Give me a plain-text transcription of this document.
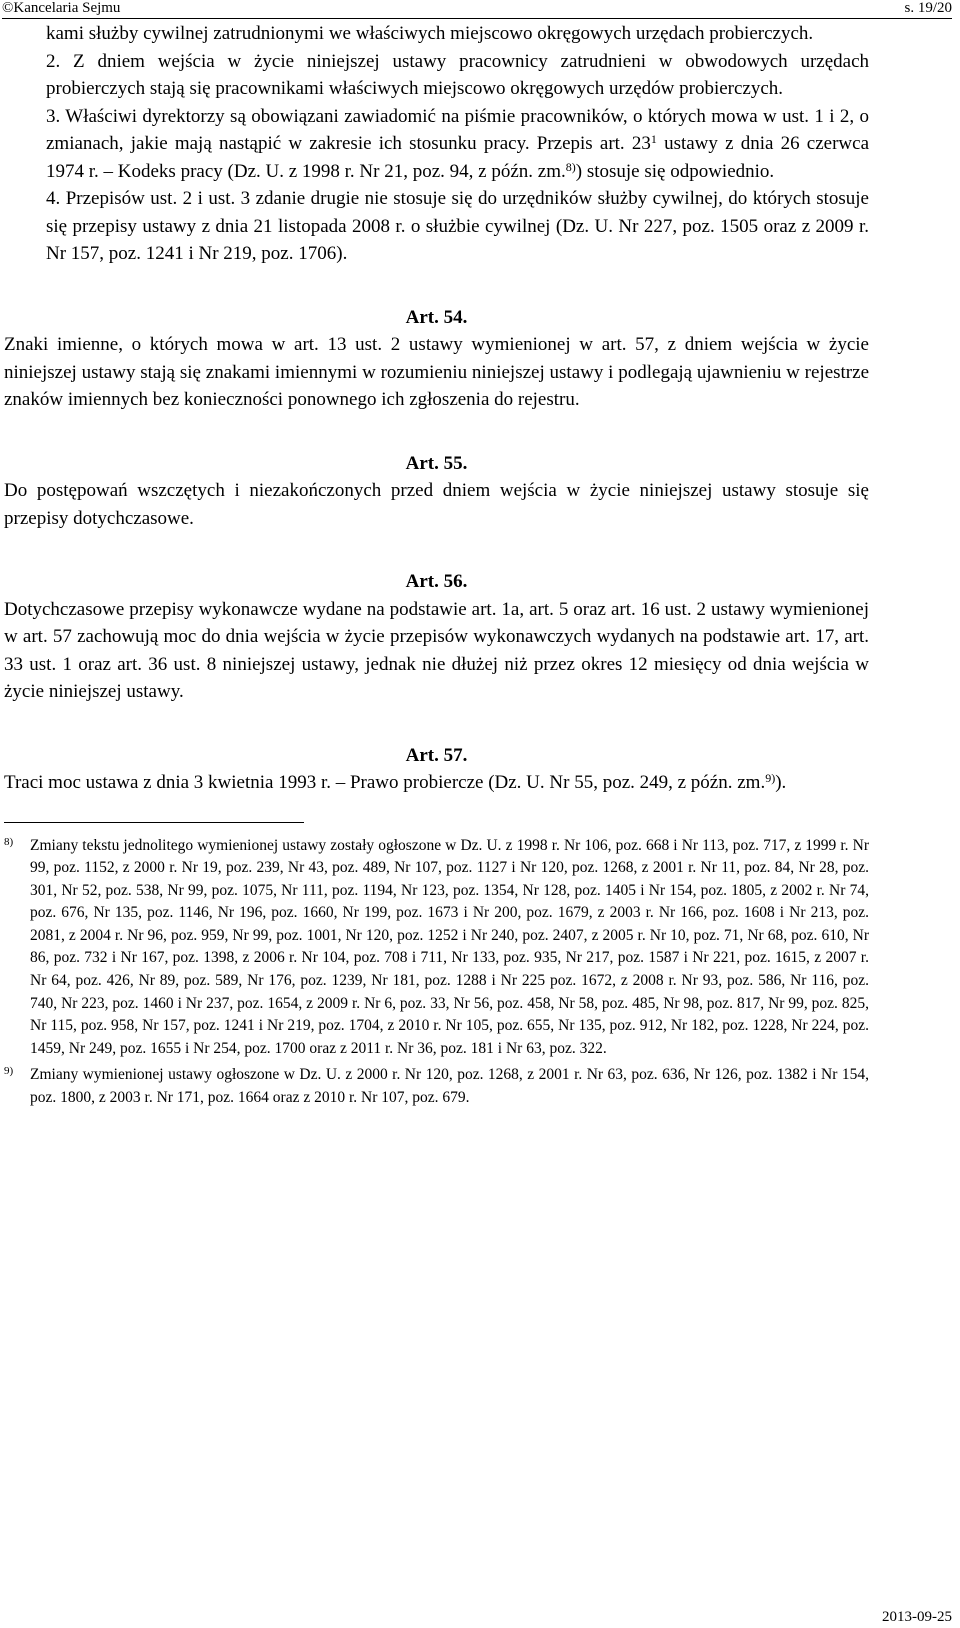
©Kancelaria Sejmu	s. 19/20

kami służby cywilnej zatrudnionymi we właściwych miejscowo okręgowych urzędach probierczych.

2. Z dniem wejścia w życie niniejszej ustawy pracownicy zatrudnieni w obwodowych urzędach probierczych stają się pracownikami właściwych miejscowo okręgowych urzędów probierczych.

3. Właściwi dyrektorzy są obowiązani zawiadomić na piśmie pracowników, o których mowa w ust. 1 i 2, o zmianach, jakie mają nastąpić w zakresie ich stosunku pracy. Przepis art. $23^1$ ustawy z dnia 26 czerwca 1974 r. – Kodeks pracy (Dz. U. z 1998 r. Nr 21, poz. 94, z późn. zm.$^{8)}$) stosuje się odpowiednio.

4. Przepisów ust. 2 i ust. 3 zdanie drugie nie stosuje się do urzędników służby cywilnej, do których stosuje się przepisy ustawy z dnia 21 listopada 2008 r. o służbie cywilnej (Dz. U. Nr 227, poz. 1505 oraz z 2009 r. Nr 157, poz. 1241 i Nr 219, poz. 1706).

Art. 54.

Znaki imienne, o których mowa w art. 13 ust. 2 ustawy wymienionej w art. 57, z dniem wejścia w życie niniejszej ustawy stają się znakami imiennymi w rozumieniu niniejszej ustawy i podlegają ujawnieniu w rejestrze znaków imiennych bez konieczności ponownego ich zgłoszenia do rejestru.

Art. 55.

Do postępowań wszczętych i niezakończonych przed dniem wejścia w życie niniejszej ustawy stosuje się przepisy dotychczasowe.

Art. 56.

Dotychczasowe przepisy wykonawcze wydane na podstawie art. 1a, art. 5 oraz art. 16 ust. 2 ustawy wymienionej w art. 57 zachowują moc do dnia wejścia w życie przepisów wykonawczych wydanych na podstawie art. 17, art. 33 ust. 1 oraz art. 36 ust. 8 niniejszej ustawy, jednak nie dłużej niż przez okres 12 miesięcy od dnia wejścia w życie niniejszej ustawy.

Art. 57.

Traci moc ustawa z dnia 3 kwietnia 1993 r. – Prawo probiercze (Dz. U. Nr 55, poz. 249, z późn. zm.$^{9)}$).

8) Zmiany tekstu jednolitego wymienionej ustawy zostały ogłoszone w Dz. U. z 1998 r. Nr 106, poz. 668 i Nr 113, poz. 717, z 1999 r. Nr 99, poz. 1152, z 2000 r. Nr 19, poz. 239, Nr 43, poz. 489, Nr 107, poz. 1127 i Nr 120, poz. 1268, z 2001 r. Nr 11, poz. 84, Nr 28, poz. 301, Nr 52, poz. 538, Nr 99, poz. 1075, Nr 111, poz. 1194, Nr 123, poz. 1354, Nr 128, poz. 1405 i Nr 154, poz. 1805, z 2002 r. Nr 74, poz. 676, Nr 135, poz. 1146, Nr 196, poz. 1660, Nr 199, poz. 1673 i Nr 200, poz. 1679, z 2003 r. Nr 166, poz. 1608 i Nr 213, poz. 2081, z 2004 r. Nr 96, poz. 959, Nr 99, poz. 1001, Nr 120, poz. 1252 i Nr 240, poz. 2407, z 2005 r. Nr 10, poz. 71, Nr 68, poz. 610, Nr 86, poz. 732 i Nr 167, poz. 1398, z 2006 r. Nr 104, poz. 708 i 711, Nr 133, poz. 935, Nr 217, poz. 1587 i Nr 221, poz. 1615, z 2007 r. Nr 64, poz. 426, Nr 89, poz. 589, Nr 176, poz. 1239, Nr 181, poz. 1288 i Nr 225 poz. 1672, z 2008 r. Nr 93, poz. 586, Nr 116, poz. 740, Nr 223, poz. 1460 i Nr 237, poz. 1654, z 2009 r. Nr 6, poz. 33, Nr 56, poz. 458, Nr 58, poz. 485, Nr 98, poz. 817, Nr 99, poz. 825, Nr 115, poz. 958, Nr 157, poz. 1241 i Nr 219, poz. 1704, z 2010 r. Nr 105, poz. 655, Nr 135, poz. 912, Nr 182, poz. 1228, Nr 224, poz. 1459, Nr 249, poz. 1655 i Nr 254, poz. 1700 oraz z 2011 r. Nr 36, poz. 181 i Nr 63, poz. 322.

9) Zmiany wymienionej ustawy ogłoszone w Dz. U. z 2000 r. Nr 120, poz. 1268, z 2001 r. Nr 63, poz. 636, Nr 126, poz. 1382 i Nr 154, poz. 1800, z 2003 r. Nr 171, poz. 1664 oraz z 2010 r. Nr 107, poz. 679.

2013-09-25
